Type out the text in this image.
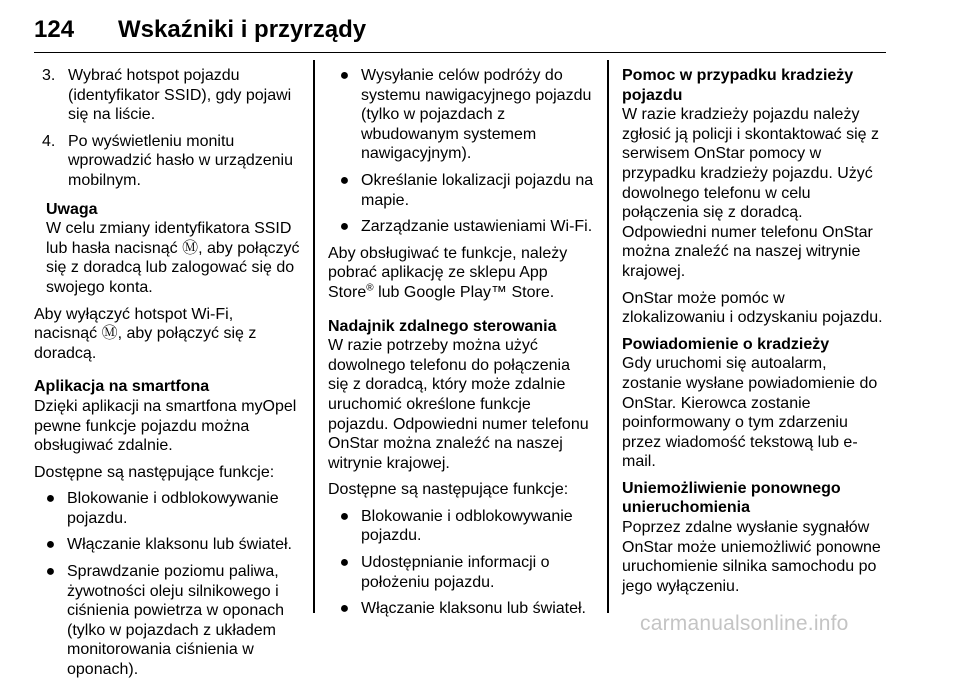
124 Wskaźniki i przyrządy
3. Wybrać hotspot pojazdu (identyfikator SSID), gdy pojawi się na liście.
4. Po wyświetleniu monitu wprowadzić hasło w urządzeniu mobilnym.

Uwaga

W celu zmiany identyfikatora SSID lub hasła nacisnąć Ⓜ, aby połączyć się z doradcą lub zalogować się do swojego konta.

Aby wyłączyć hotspot Wi-Fi, nacisnąć Ⓜ, aby połączyć się z doradcą.

Aplikacja na smartfona

Dzięki aplikacji na smartfona myOpel pewne funkcje pojazdu można obsługiwać zdalnie.

Dostępne są następujące funkcje:

● Blokowanie i odblokowywanie pojazdu.
● Włączanie klaksonu lub świateł.
● Sprawdzanie poziomu paliwa, żywotności oleju silnikowego i ciśnienia powietrza w oponach (tylko w pojazdach z układem monitorowania ciśnienia w oponach).
● Wysyłanie celów podróży do systemu nawigacyjnego pojazdu (tylko w pojazdach z wbudowanym systemem nawigacyjnym).
● Określanie lokalizacji pojazdu na mapie.
● Zarządzanie ustawieniami Wi-Fi.

Aby obsługiwać te funkcje, należy pobrać aplikację ze sklepu App Store® lub Google Play™ Store.

Nadajnik zdalnego sterowania

W razie potrzeby można użyć dowolnego telefonu do połączenia się z doradcą, który może zdalnie uruchomić określone funkcje pojazdu. Odpowiedni numer telefonu OnStar można znaleźć na naszej witrynie krajowej.

Dostępne są następujące funkcje:

● Blokowanie i odblokowywanie pojazdu.
● Udostępnianie informacji o położeniu pojazdu.
● Włączanie klaksonu lub świateł.

Pomoc w przypadku kradzieży pojazdu

W razie kradzieży pojazdu należy zgłosić ją policji i skontaktować się z serwisem OnStar pomocy w przypadku kradzieży pojazdu. Użyć dowolnego telefonu w celu połączenia się z doradcą. Odpowiedni numer telefonu OnStar można znaleźć na naszej witrynie krajowej.

OnStar może pomóc w zlokalizowaniu i odzyskaniu pojazdu.

Powiadomienie o kradzieży

Gdy uruchomi się autoalarm, zostanie wysłane powiadomienie do OnStar. Kierowca zostanie poinformowany o tym zdarzeniu przez wiadomość tekstową lub e-mail.

Uniemożliwienie ponownego unieruchomienia

Poprzez zdalne wysłanie sygnałów OnStar może uniemożliwić ponowne uruchomienie silnika samochodu po jego wyłączeniu.

carmanualsonline.info
